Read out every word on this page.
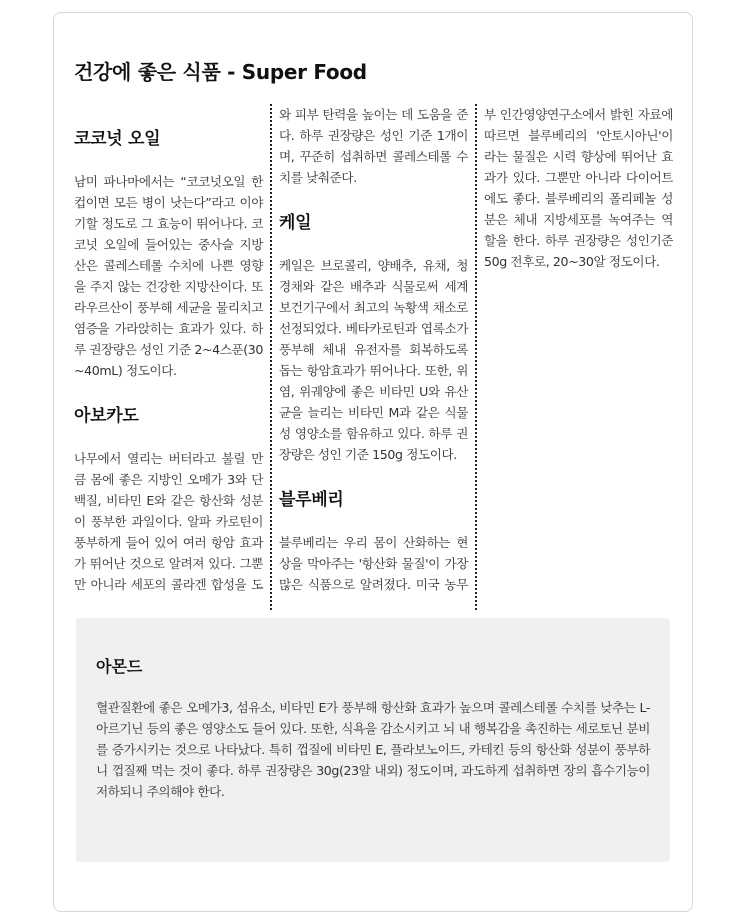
건강에 좋은 식품 - Super Food
코코넛 오일

남미 파나마에서는 “코코넛오일 한 컵이면 모든 병이 낫는다”라고 이야기할 정도로 그 효능이 뛰어나다. 코코넛 오일에 들어있는 중사슬 지방산은 콜레스테롤 수치에 나쁜 영향을 주지 않는 건강한 지방산이다. 또 라우르산이 풍부해 세균을 물리치고 염증을 가라앉히는 효과가 있다. 하루 권장량은 성인 기준 2~4스푼(30~40mL) 정도이다.

아보카도

나무에서 열리는 버터라고 불릴 만큼 몸에 좋은 지방인 오메가 3와 단백질, 비타민 E와 같은 항산화 성분이 풍부한 과일이다. 알파 카로틴이 풍부하게 들어 있어 여러 항암 효과가 뛰어난 것으로 알려져 있다. 그뿐만 아니라 세포의 콜라겐 합성을 도와 피부 탄력을 높이는 데 도움을 준다. 하루 권장량은 성인 기준 1개이며, 꾸준히 섭취하면 콜레스테롤 수치를 낮춰준다.

케일

케일은 브로콜리, 양배추, 유채, 청경채와 같은 배추과 식물로써 세계보건기구에서 최고의 녹황색 채소로 선정되었다. 베타카로틴과 엽록소가 풍부해 체내 유전자를 회복하도록 돕는 항암효과가 뛰어나다. 또한, 위염, 위궤양에 좋은 비타민 U와 유산균을 늘리는 비타민 M과 같은 식물성 영양소를 함유하고 있다. 하루 권장량은 성인 기준 150g 정도이다.

블루베리

블루베리는 우리 몸이 산화하는 현상을 막아주는 '항산화 물질'이 가장 많은 식품으로 알려졌다. 미국 농무부 인간영양연구소에서 밝힌 자료에 따르면 블루베리의 '안토시아닌'이라는 물질은 시력 향상에 뛰어난 효과가 있다. 그뿐만 아니라 다이어트에도 좋다. 블루베리의 폴리페놀 성분은 체내 지방세포를 녹여주는 역할을 한다. 하루 권장량은 성인기준 50g 전후로, 20~30알 정도이다.

아몬드

혈관질환에 좋은 오메가3, 섬유소, 비타민 E가 풍부해 항산화 효과가 높으며 콜레스테롤 수치를 낮추는 L-아르기닌 등의 좋은 영양소도 들어 있다. 또한, 식욕을 감소시키고 뇌 내 행복감을 촉진하는 세로토닌 분비를 증가시키는 것으로 나타났다. 특히 껍질에 비타민 E, 플라보노이드, 카테킨 등의 항산화 성분이 풍부하니 껍질째 먹는 것이 좋다. 하루 권장량은 30g(23알 내외) 정도이며, 과도하게 섭취하면 장의 흡수기능이 저하되니 주의해야 한다.
